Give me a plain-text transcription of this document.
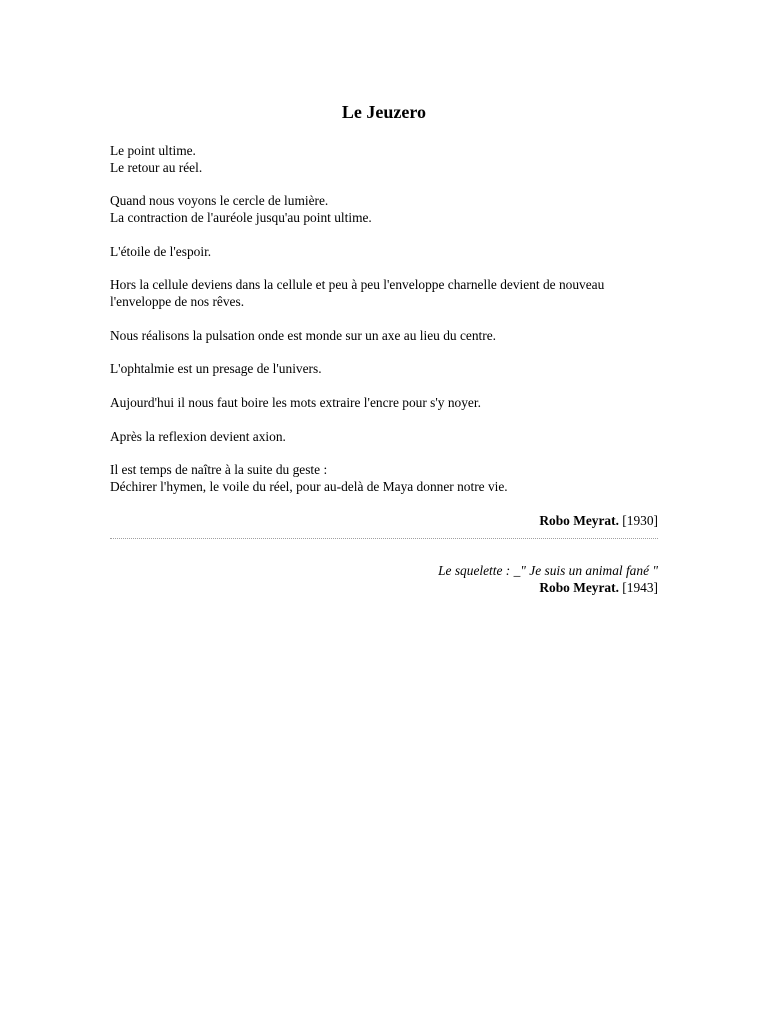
Le Jeuzero
Le point ultime.
Le retour au réel.
Quand nous voyons le cercle de lumière.
La contraction de l'auréole jusqu'au point ultime.
L'étoile de l'espoir.
Hors la cellule deviens dans la cellule et peu à peu l'enveloppe charnelle devient de nouveau l'enveloppe de nos rêves.
Nous réalisons la pulsation onde est monde sur un axe au lieu du centre.
L'ophtalmie est un presage de l'univers.
Aujourd'hui il nous faut boire les mots extraire l'encre pour s'y noyer.
Après la reflexion devient axion.
Il est temps de naître à la suite du geste :
Déchirer l'hymen, le voile du réel, pour au-delà de Maya donner notre vie.
Robo Meyrat. [1930]
Le squelette : _" Je suis un animal fané "
Robo Meyrat. [1943]
